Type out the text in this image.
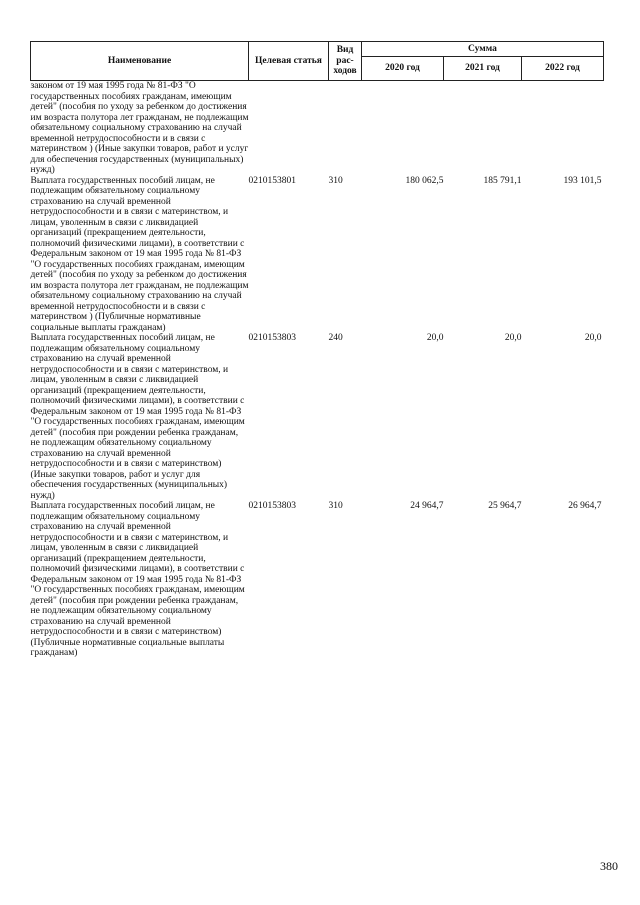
Наименование	Целевая статья	Вид рас-ходов	Сумма		
			2020 год	2021 год	2022 год
законом от 19 мая 1995 года № 81-ФЗ "О государственных пособиях гражданам, имеющим детей" (пособия по уходу за ребенком до достижения им возраста полутора лет гражданам, не подлежащим обязательному социальному страхованию на случай временной нетрудоспособности и в связи с материнством ) (Иные закупки товаров, работ и услуг для обеспечения государственных (муниципальных) нужд)					
Выплата государственных пособий лицам, не подлежащим обязательному социальному страхованию на случай временной нетрудоспособности и в связи с материнством, и лицам, уволенным в связи с ликвидацией организаций (прекращением деятельности, полномочий физическими лицами), в соответствии с Федеральным законом от 19 мая 1995 года № 81-ФЗ "О государственных пособиях гражданам, имеющим детей" (пособия по уходу за ребенком до достижения им возраста полутора лет гражданам, не подлежащим обязательному социальному страхованию на случай временной нетрудоспособности и в связи с материнством ) (Публичные нормативные социальные выплаты гражданам)	0210153801	310	180 062,5	185 791,1	193 101,5
Выплата государственных пособий лицам, не подлежащим обязательному социальному страхованию на случай временной нетрудоспособности и в связи с материнством, и лицам, уволенным в связи с ликвидацией организаций (прекращением деятельности, полномочий физическими лицами), в соответствии с Федеральным законом от 19 мая 1995 года № 81-ФЗ "О государственных пособиях гражданам, имеющим детей" (пособия при рождении ребенка гражданам, не подлежащим обязательному социальному страхованию на случай временной нетрудоспособности и в связи с материнством) (Иные закупки товаров, работ и услуг для обеспечения государственных (муниципальных) нужд)	0210153803	240	20,0	20,0	20,0
Выплата государственных пособий лицам, не подлежащим обязательному социальному страхованию на случай временной нетрудоспособности и в связи с материнством, и лицам, уволенным в связи с ликвидацией организаций (прекращением деятельности, полномочий физическими лицами), в соответствии с Федеральным законом от 19 мая 1995 года № 81-ФЗ "О государственных пособиях гражданам, имеющим детей" (пособия при рождении ребенка гражданам, не подлежащим обязательному социальному страхованию на случай временной нетрудоспособности и в связи с материнством) (Публичные нормативные социальные выплаты гражданам)	0210153803	310	24 964,7	25 964,7	26 964,7
380
